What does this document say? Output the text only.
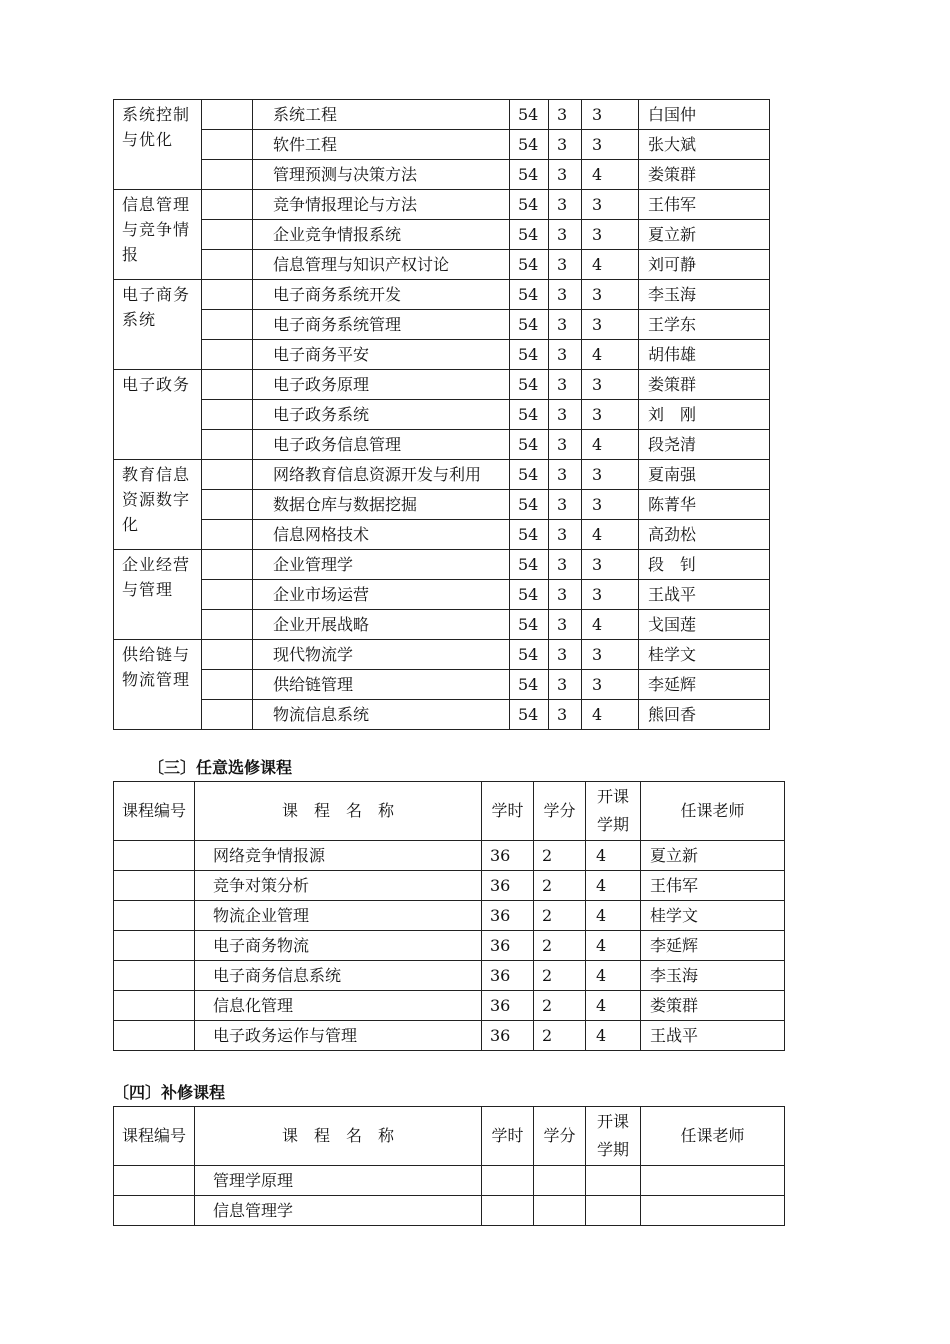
系统控制与优化		系统工程	54	3	3	白国仲
		软件工程	54	3	3	张大斌
		管理预测与决策方法	54	3	4	娄策群
信息管理与竞争情报		竞争情报理论与方法	54	3	3	王伟军
		企业竞争情报系统	54	3	3	夏立新
		信息管理与知识产权讨论	54	3	4	刘可静
电子商务系统		电子商务系统开发	54	3	3	李玉海
		电子商务系统管理	54	3	3	王学东
		电子商务平安	54	3	4	胡伟雄
电子政务		电子政务原理	54	3	3	娄策群
		电子政务系统	54	3	3	刘　刚
		电子政务信息管理	54	3	4	段尧清
教育信息资源数字化		网络教育信息资源开发与利用	54	3	3	夏南强
		数据仓库与数据挖掘	54	3	3	陈菁华
		信息网格技术	54	3	4	高劲松
企业经营与管理		企业管理学	54	3	3	段　钊
		企业市场运营	54	3	3	王战平
		企业开展战略	54	3	4	戈国莲
供给链与物流管理		现代物流学	54	3	3	桂学文
		供给链管理	54	3	3	李延辉
		物流信息系统	54	3	4	熊回香
〔三〕任意选修课程
课程编号	课　程　名　称	学时	学分	开课学期	任课老师
	网络竞争情报源	36	2	4	夏立新
	竞争对策分析	36	2	4	王伟军
	物流企业管理	36	2	4	桂学文
	电子商务物流	36	2	4	李延辉
	电子商务信息系统	36	2	4	李玉海
	信息化管理	36	2	4	娄策群
	电子政务运作与管理	36	2	4	王战平
〔四〕补修课程
课程编号	课　程　名　称	学时	学分	开课学期	任课老师
	管理学原理				
	信息管理学				
